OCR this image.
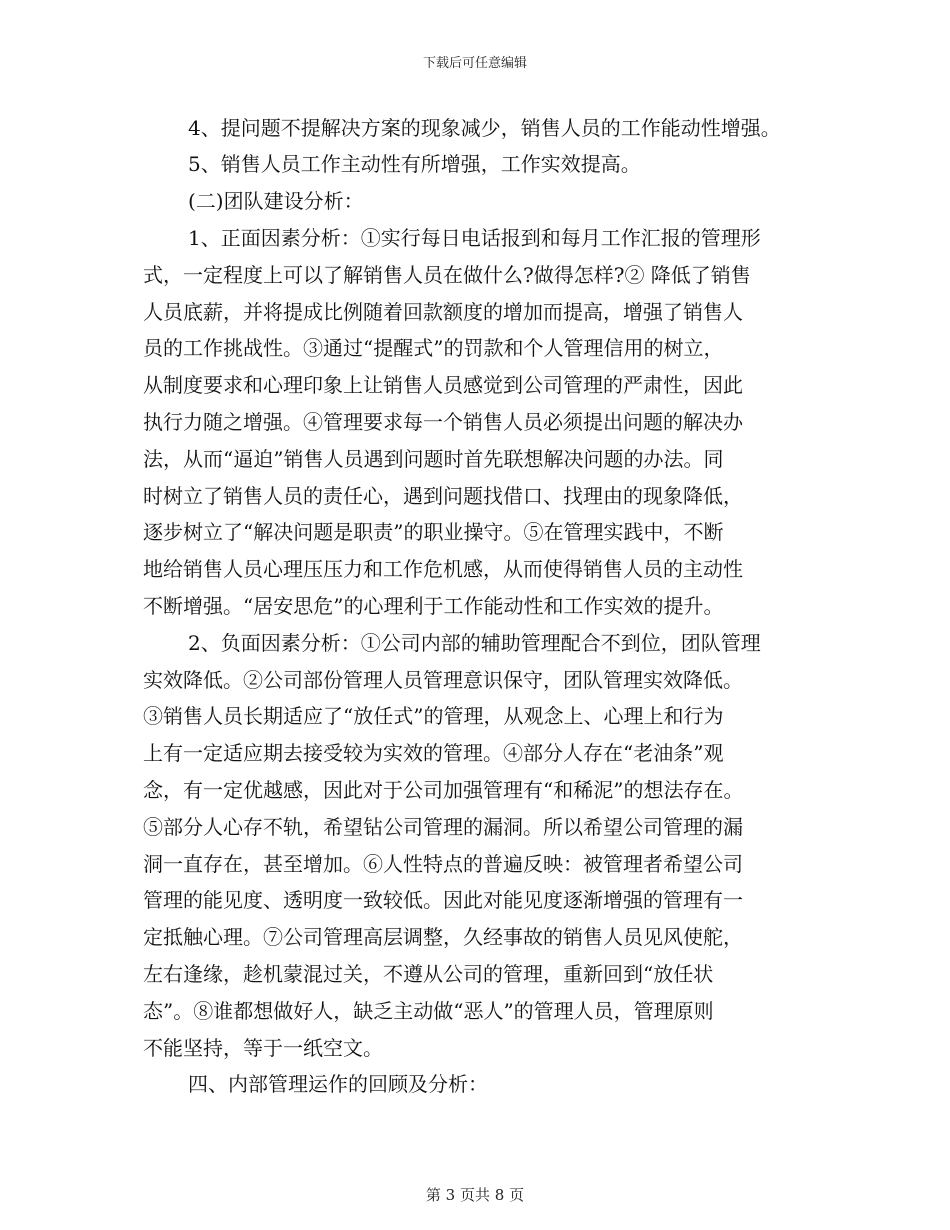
下载后可任意编辑
4、提问题不提解决方案的现象减少，销售人员的工作能动性增强。
5、销售人员工作主动性有所增强，工作实效提高。
(二)团队建设分析：
1、正面因素分析：①实行每日电话报到和每月工作汇报的管理形
式，一定程度上可以了解销售人员在做什么?做得怎样?② 降低了销售
人员底薪，并将提成比例随着回款额度的增加而提高，增强了销售人
员的工作挑战性。③通过“提醒式”的罚款和个人管理信用的树立，
从制度要求和心理印象上让销售人员感觉到公司管理的严肃性，因此
执行力随之增强。④管理要求每一个销售人员必须提出问题的解决办
法，从而“逼迫”销售人员遇到问题时首先联想解决问题的办法。同
时树立了销售人员的责任心，遇到问题找借口、找理由的现象降低，
逐步树立了“解决问题是职责”的职业操守。⑤在管理实践中，不断
地给销售人员心理压压力和工作危机感，从而使得销售人员的主动性
不断增强。“居安思危”的心理利于工作能动性和工作实效的提升。
2、负面因素分析：①公司内部的辅助管理配合不到位，团队管理
实效降低。②公司部份管理人员管理意识保守，团队管理实效降低。
③销售人员长期适应了“放任式”的管理，从观念上、心理上和行为
上有一定适应期去接受较为实效的管理。④部分人存在“老油条”观
念，有一定优越感，因此对于公司加强管理有“和稀泥”的想法存在。
⑤部分人心存不轨，希望钻公司管理的漏洞。所以希望公司管理的漏
洞一直存在，甚至增加。⑥人性特点的普遍反映：被管理者希望公司
管理的能见度、透明度一致较低。因此对能见度逐渐增强的管理有一
定抵触心理。⑦公司管理高层调整，久经事故的销售人员见风使舵，
左右逢缘，趁机蒙混过关，不遵从公司的管理，重新回到“放任状
态”。⑧谁都想做好人，缺乏主动做“恶人”的管理人员，管理原则
不能坚持，等于一纸空文。
四、内部管理运作的回顾及分析：
第 3 页共 8 页
